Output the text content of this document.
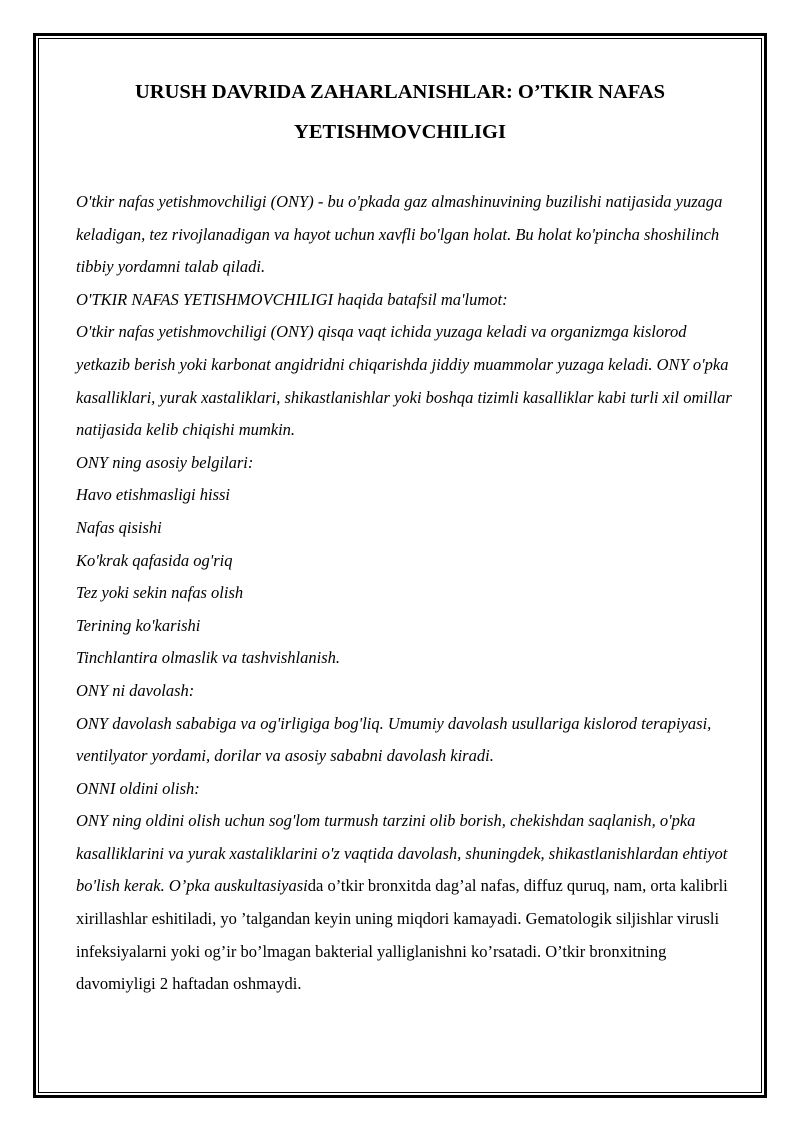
URUSH DAVRIDA ZAHARLANISHLAR: O’TKIR NAFAS YETISHMOVCHILIGI

O'tkir nafas yetishmovchiligi (ONY) - bu o'pkada gaz almashinuvining buzilishi natijasida yuzaga keladigan, tez rivojlanadigan va hayot uchun xavfli bo'lgan holat. Bu holat ko'pincha shoshilinch tibbiy yordamni talab qiladi.

O'TKIR NAFAS YETISHMOVCHILIGI haqida batafsil ma'lumot:

O'tkir nafas yetishmovchiligi (ONY) qisqa vaqt ichida yuzaga keladi va organizmga kislorod yetkazib berish yoki karbonat angidridni chiqarishda jiddiy muammolar yuzaga keladi. ONY o'pka kasalliklari, yurak xastaliklari, shikastlanishlar yoki boshqa tizimli kasalliklar kabi turli xil omillar natijasida kelib chiqishi mumkin.

ONY ning asosiy belgilari:

Havo etishmasligi hissi

Nafas qisishi

Ko'krak qafasida og'riq

Tez yoki sekin nafas olish

Terining ko'karishi

Tinchlantira olmaslik va tashvishlanish.

ONY ni davolash:

ONY davolash sababiga va og'irligiga bog'liq. Umumiy davolash usullariga kislorod terapiyasi, ventilyator yordami, dorilar va asosiy sababni davolash kiradi.

ONNI oldini olish:

ONY ning oldini olish uchun sog'lom turmush tarzini olib borish, chekishdan saqlanish, o'pka kasalliklarini va yurak xastaliklarini o'z vaqtida davolash, shuningdek, shikastlanishlardan ehtiyot bo'lish kerak. O’pka auskultasiyasida o’tkir bronxitda dag’al nafas, diffuz quruq, nam, orta kalibrli xirillashlar eshitiladi, yo ’talgandan keyin uning miqdori kamayadi. Gematologik siljishlar virusli infeksiyalarni yoki og’ir bo’lmagan bakterial yalliglanishni ko’rsatadi. O’tkir bronxitning davomiyligi 2 haftadan oshmaydi.
